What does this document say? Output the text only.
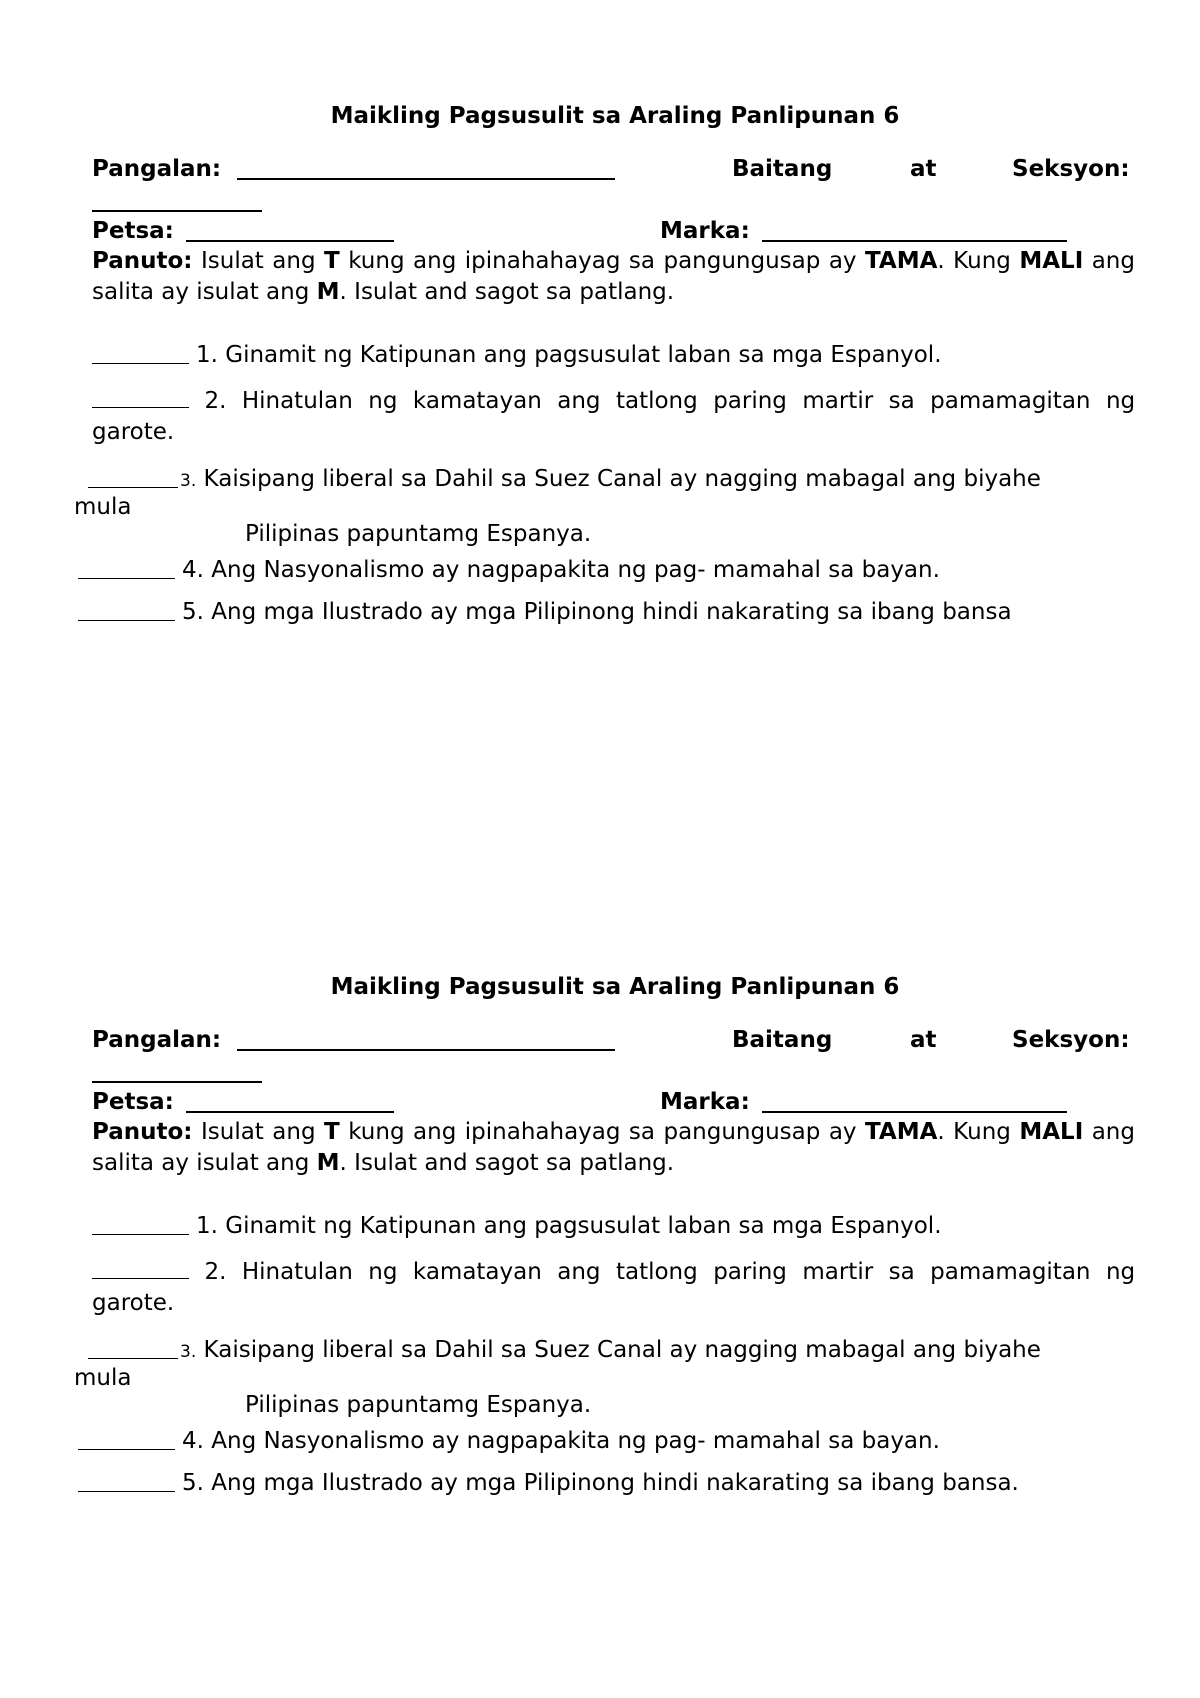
Maikling Pagsusulit sa Araling Panlipunan 6
Pangalan:	Baitang	at	Seksyon:
Petsa:	Marka:

Panuto: Isulat ang T kung ang ipinahahayag sa pangungusap ay TAMA. Kung MALI ang salita ay isulat ang M. Isulat and sagot sa patlang.

1. Ginamit ng Katipunan ang pagsusulat laban sa mga Espanyol.
2. Hinatulan ng kamatayan ang tatlong paring martir sa pamamagitan ng
garote.
3. Kaisipang liberal sa Dahil sa Suez Canal ay nagging mabagal ang biyahe
mula
Pilipinas papuntamg Espanya.
4. Ang Nasyonalismo ay nagpapakita ng pag- mamahal sa bayan.
5. Ang mga Ilustrado ay mga Pilipinong hindi nakarating sa ibang bansa
Maikling Pagsusulit sa Araling Panlipunan 6
Pangalan:	Baitang	at	Seksyon:
Petsa:	Marka:

Panuto: Isulat ang T kung ang ipinahahayag sa pangungusap ay TAMA. Kung MALI ang salita ay isulat ang M. Isulat and sagot sa patlang.

1. Ginamit ng Katipunan ang pagsusulat laban sa mga Espanyol.
2. Hinatulan ng kamatayan ang tatlong paring martir sa pamamagitan ng
garote.
3. Kaisipang liberal sa Dahil sa Suez Canal ay nagging mabagal ang biyahe
mula
Pilipinas papuntamg Espanya.
4. Ang Nasyonalismo ay nagpapakita ng pag- mamahal sa bayan.
5. Ang mga Ilustrado ay mga Pilipinong hindi nakarating sa ibang bansa.
